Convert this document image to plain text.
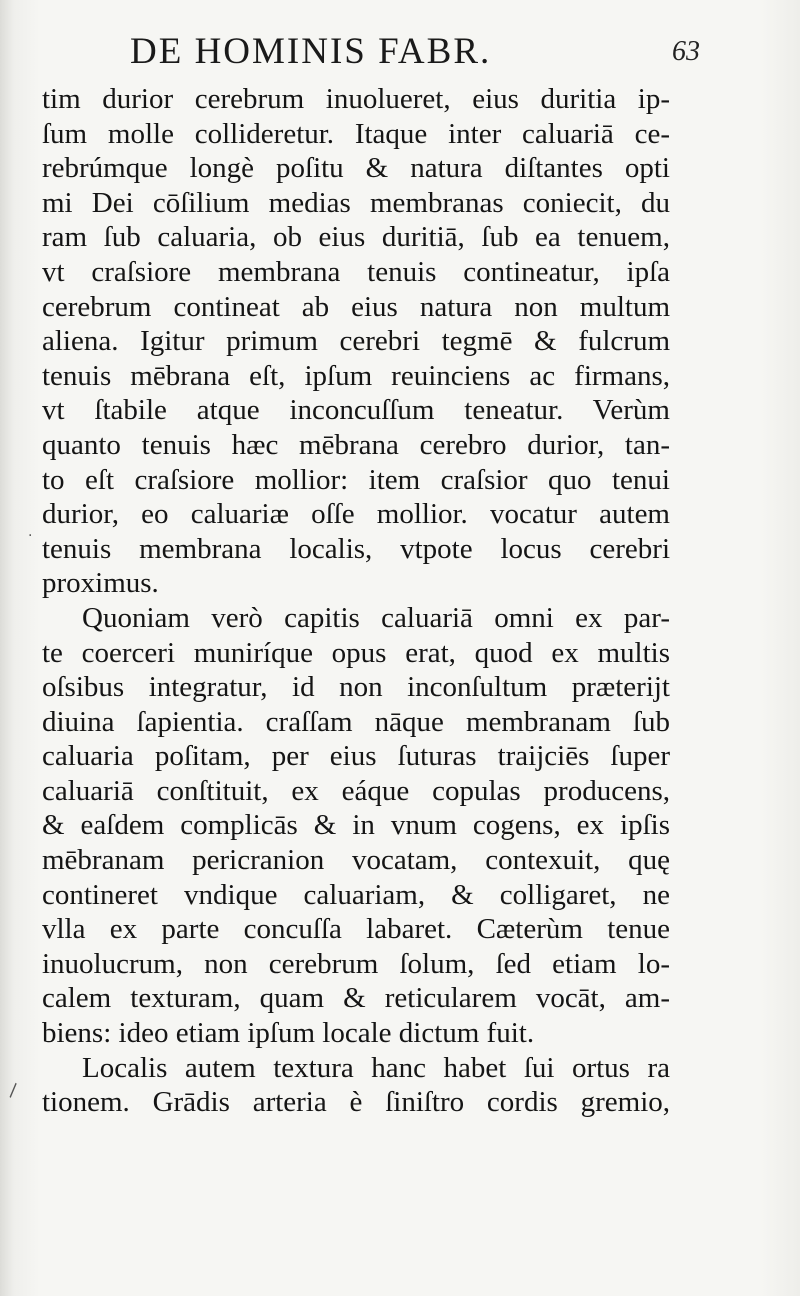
DE HOMINIS FABR.	63
tim durior cerebrum inuolueret, eius duritia ip-
ſum molle collideretur. Itaque inter caluariā ce-
rebrúmque longè poſitu & natura diſtantes opti
mi Dei cōſilium medias membranas coniecit, du
ram ſub caluaria, ob eius duritiā, ſub ea tenuem,
vt craſsiore membrana tenuis contineatur, ipſa
cerebrum contineat ab eius natura non multum
aliena. Igitur primum cerebri tegmē & fulcrum
tenuis mēbrana eſt, ipſum reuinciens ac firmans,
vt ſtabile atque inconcuſſum teneatur. Verùm
quanto tenuis hæc mēbrana cerebro durior, tan-
to eſt craſsiore mollior: item craſsior quo tenui
durior, eo caluariæ oſſe mollior. vocatur autem
tenuis membrana localis, vtpote locus cerebri
proximus.
Quoniam verò capitis caluariā omni ex par-
te coerceri muniríque opus erat, quod ex multis
oſsibus integratur, id non inconſultum præterijt
diuina ſapientia. craſſam nāque membranam ſub
caluaria poſitam, per eius ſuturas traijciēs ſuper
caluariā conſtituit, ex eáque copulas producens,
& eaſdem complicās & in vnum cogens, ex ipſis
mēbranam pericranion vocatam, contexuit, quę
contineret vndique caluariam, & colligaret, ne
vlla ex parte concuſſa labaret. Cæterùm tenue
inuolucrum, non cerebrum ſolum, ſed etiam lo-
calem texturam, quam & reticularem vocāt, am-
biens: ideo etiam ipſum locale dictum fuit.
Localis autem textura hanc habet ſui ortus ra
tionem. Grādis arteria è ſiniſtro cordis gremio,
·
\
